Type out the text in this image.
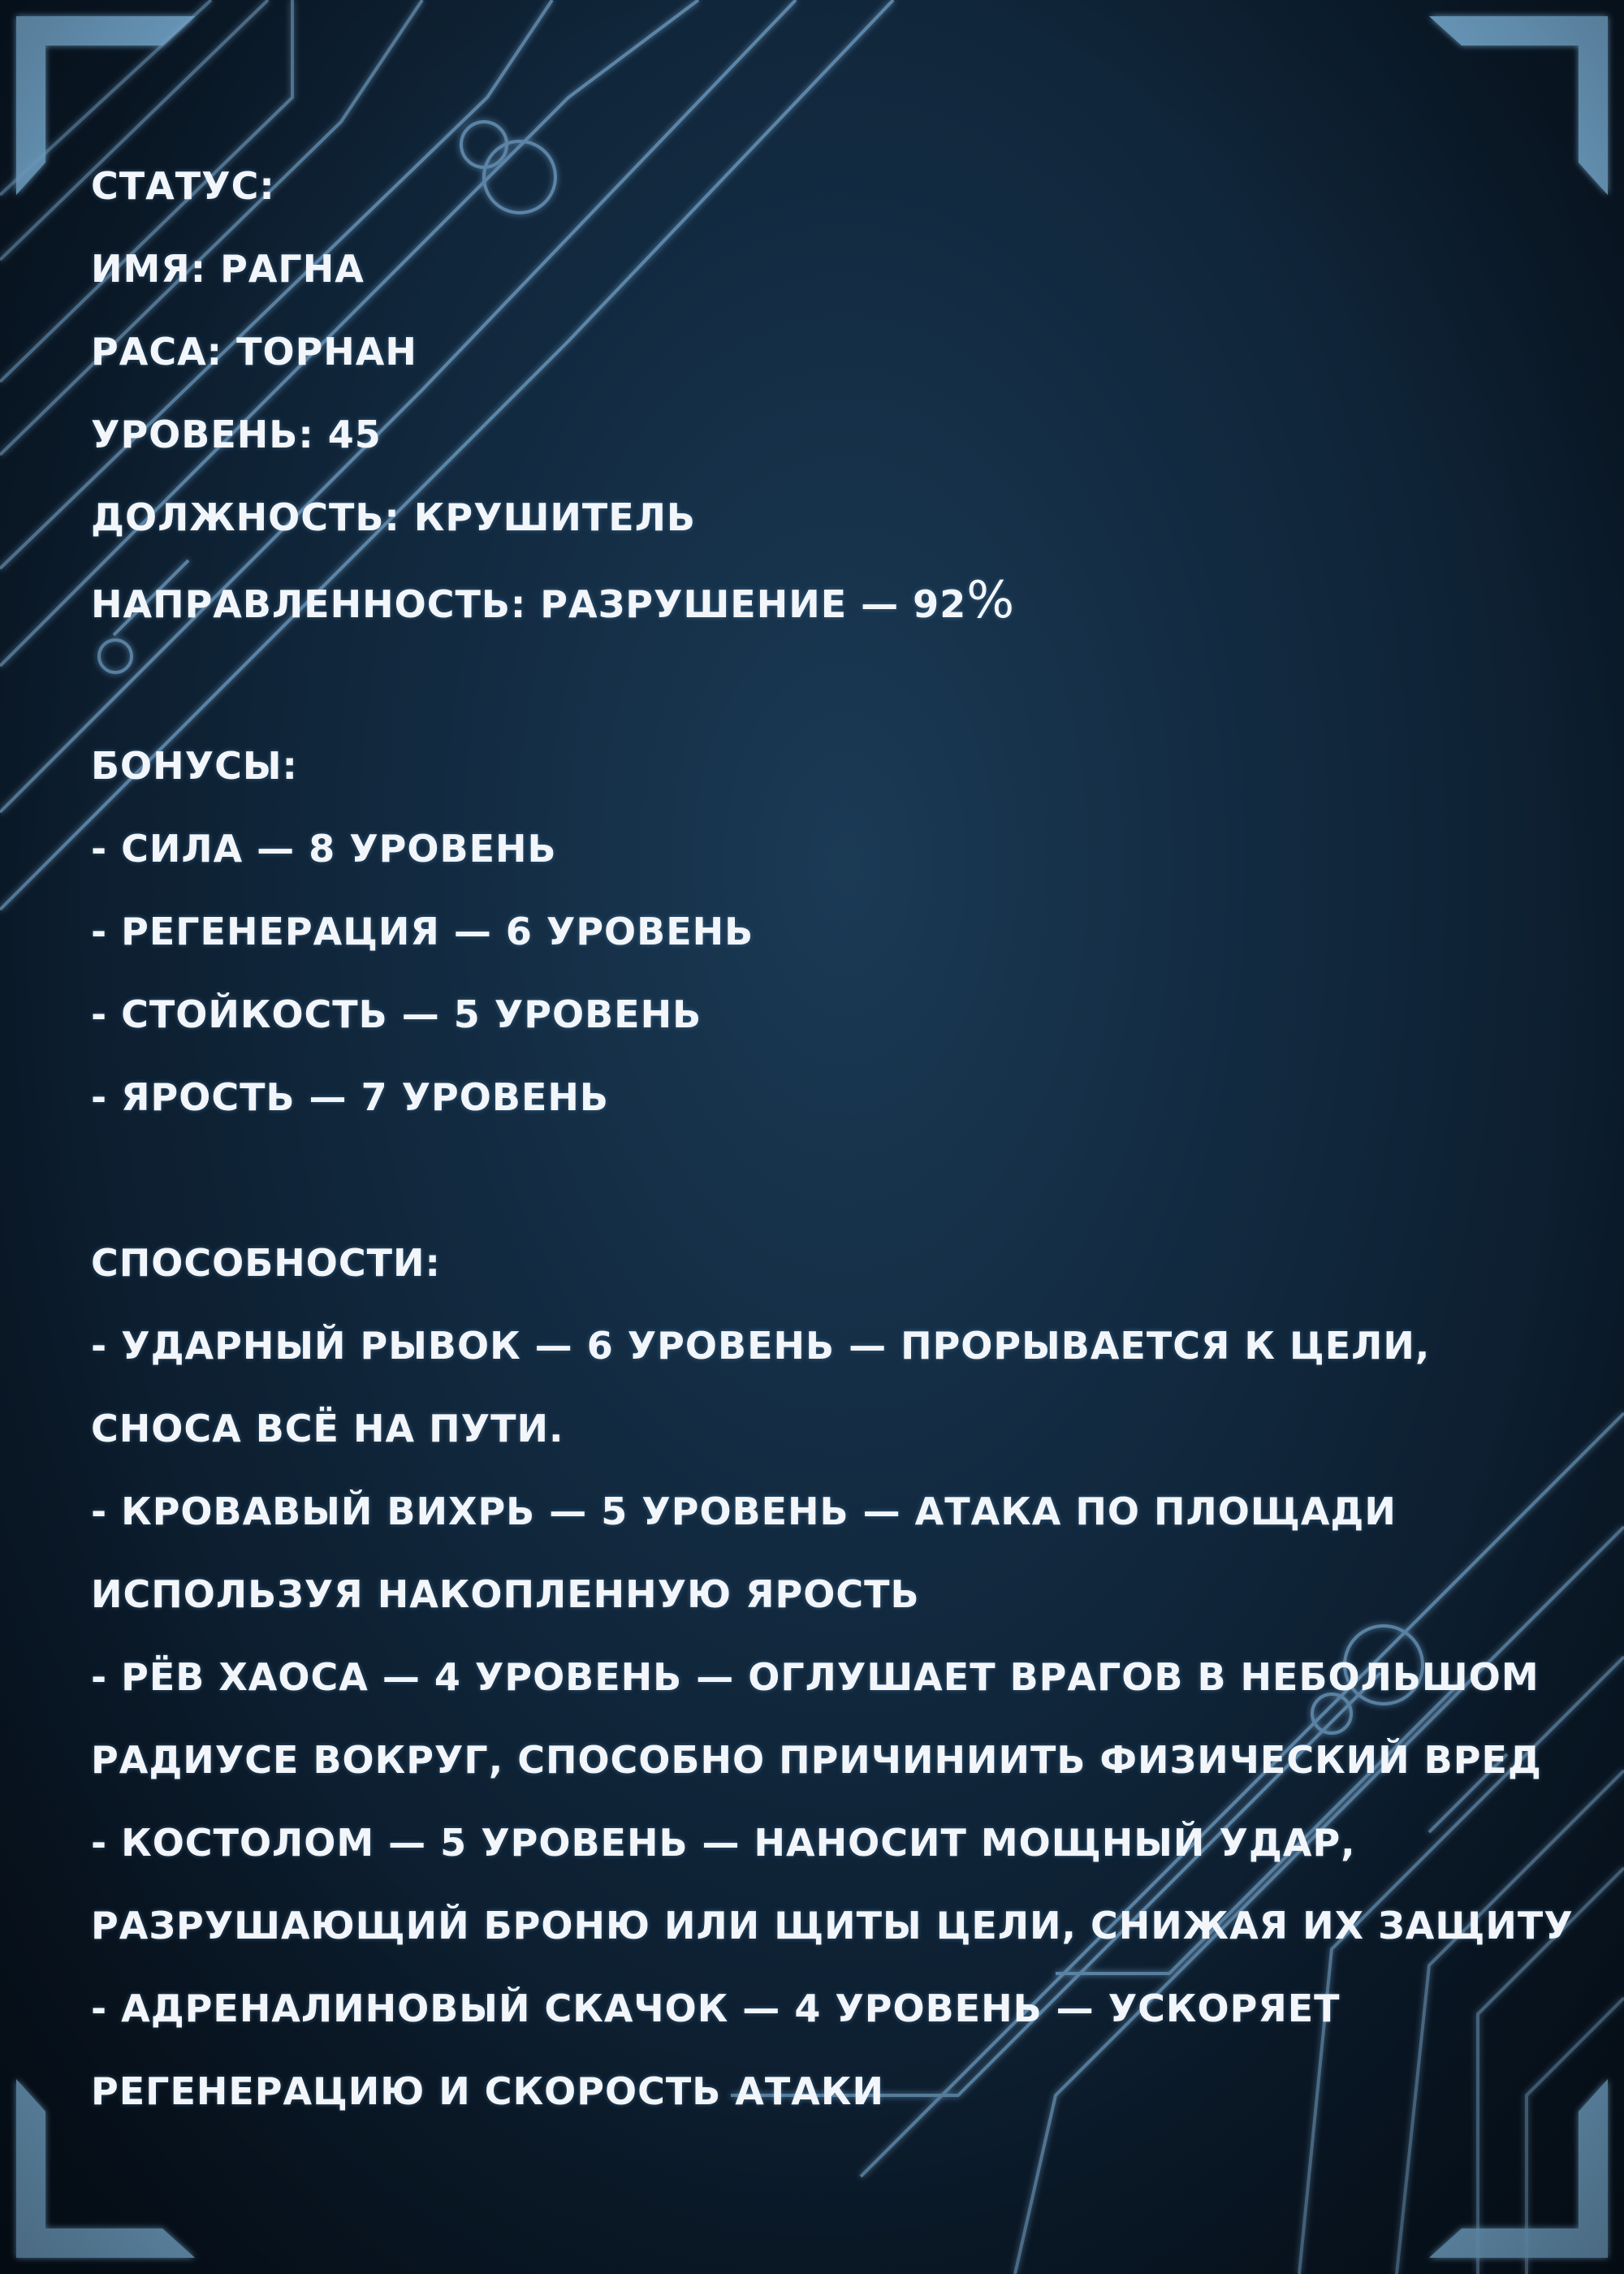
СТАТУС:
ИМЯ: РАГНА
РАСА: ТОРНАН
УРОВЕНЬ: 45
ДОЛЖНОСТЬ: КРУШИТЕЛЬ
НАПРАВЛЕННОСТЬ: РАЗРУШЕНИЕ — 92%
БОНУСЫ:
- СИЛА — 8 УРОВЕНЬ
- РЕГЕНЕРАЦИЯ — 6 УРОВЕНЬ
- СТОЙКОСТЬ — 5 УРОВЕНЬ
- ЯРОСТЬ — 7 УРОВЕНЬ
СПОСОБНОСТИ:
- УДАРНЫЙ РЫВОК — 6 УРОВЕНЬ — ПРОРЫВАЕТСЯ К ЦЕЛИ,
СНОСА ВСЁ НА ПУТИ.
- КРОВАВЫЙ ВИХРЬ — 5 УРОВЕНЬ — АТАКА ПО ПЛОЩАДИ
ИСПОЛЬЗУЯ НАКОПЛЕННУЮ ЯРОСТЬ
- РЁВ ХАОСА — 4 УРОВЕНЬ — ОГЛУШАЕТ ВРАГОВ В НЕБОЛЬШОМ
РАДИУСЕ ВОКРУГ, СПОСОБНО ПРИЧИНИИТЬ ФИЗИЧЕСКИЙ ВРЕД
- КОСТОЛОМ — 5 УРОВЕНЬ — НАНОСИТ МОЩНЫЙ УДАР,
РАЗРУШАЮЩИЙ БРОНЮ ИЛИ ЩИТЫ ЦЕЛИ, СНИЖАЯ ИХ ЗАЩИТУ
- АДРЕНАЛИНОВЫЙ СКАЧОК — 4 УРОВЕНЬ — УСКОРЯЕТ
РЕГЕНЕРАЦИЮ И СКОРОСТЬ АТАКИ
